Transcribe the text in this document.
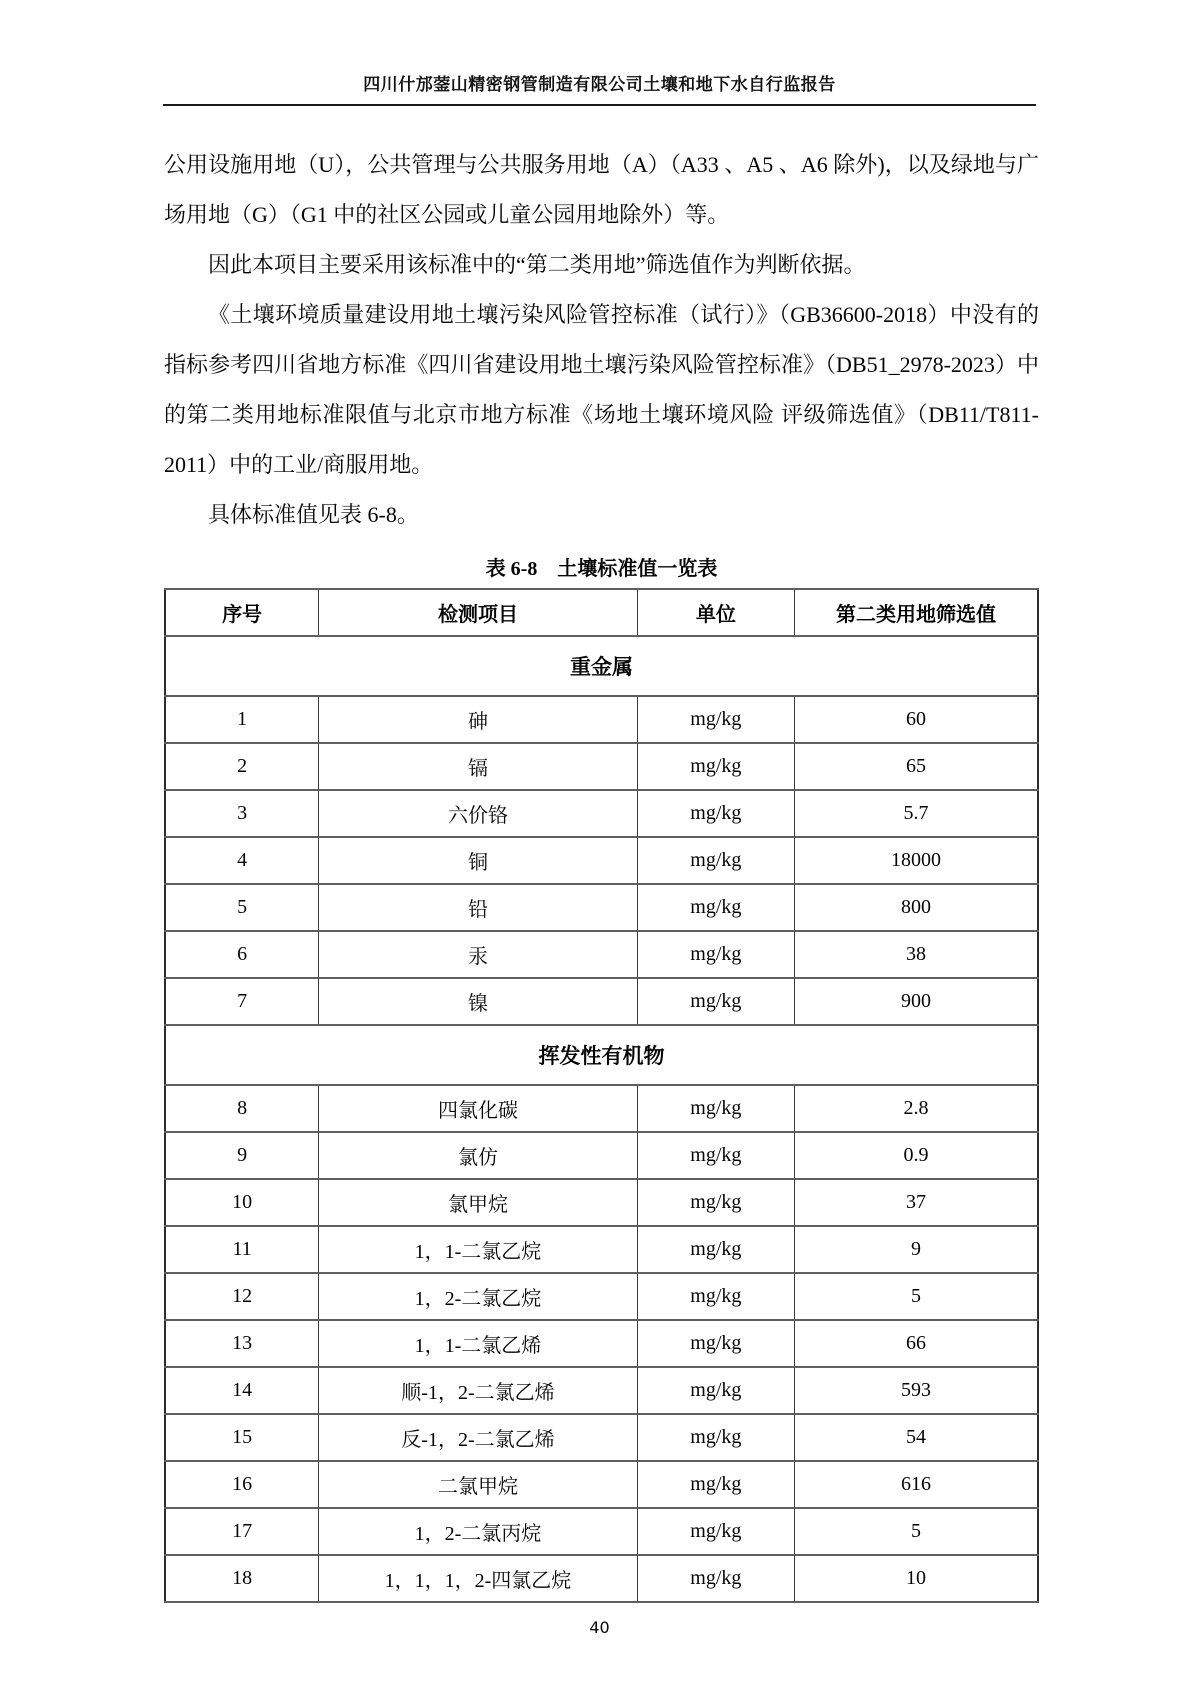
四川什邡蓥山精密钢管制造有限公司土壤和地下水自行监报告

公用设施用地（U），公共管理与公共服务用地（A）（A33 、A5 、A6 除外)，以及绿地与广场用地（G）（G1 中的社区公园或儿童公园用地除外）等。

因此本项目主要采用该标准中的“第二类用地”筛选值作为判断依据。

《土壤环境质量建设用地土壤污染风险管控标准（试行）》（GB36600-2018）中没有的指标参考四川省地方标准《四川省建设用地土壤污染风险管控标准》（DB51_2978-2023）中的第二类用地标准限值与北京市地方标准《场地土壤环境风险 评级筛选值》（DB11/T811-2011）中的工业/商服用地。

具体标准值见表 6-8。

表 6-8　土壤标准值一览表
序号	检测项目	单位	第二类用地筛选值
重金属			
1	砷	mg/kg	60
2	镉	mg/kg	65
3	六价铬	mg/kg	5.7
4	铜	mg/kg	18000
5	铅	mg/kg	800
6	汞	mg/kg	38
7	镍	mg/kg	900
挥发性有机物			
8	四氯化碳	mg/kg	2.8
9	氯仿	mg/kg	0.9
10	氯甲烷	mg/kg	37
11	1，1-二氯乙烷	mg/kg	9
12	1，2-二氯乙烷	mg/kg	5
13	1，1-二氯乙烯	mg/kg	66
14	顺-1，2-二氯乙烯	mg/kg	593
15	反-1，2-二氯乙烯	mg/kg	54
16	二氯甲烷	mg/kg	616
17	1，2-二氯丙烷	mg/kg	5
18	1，1，1，2-四氯乙烷	mg/kg	10
40
